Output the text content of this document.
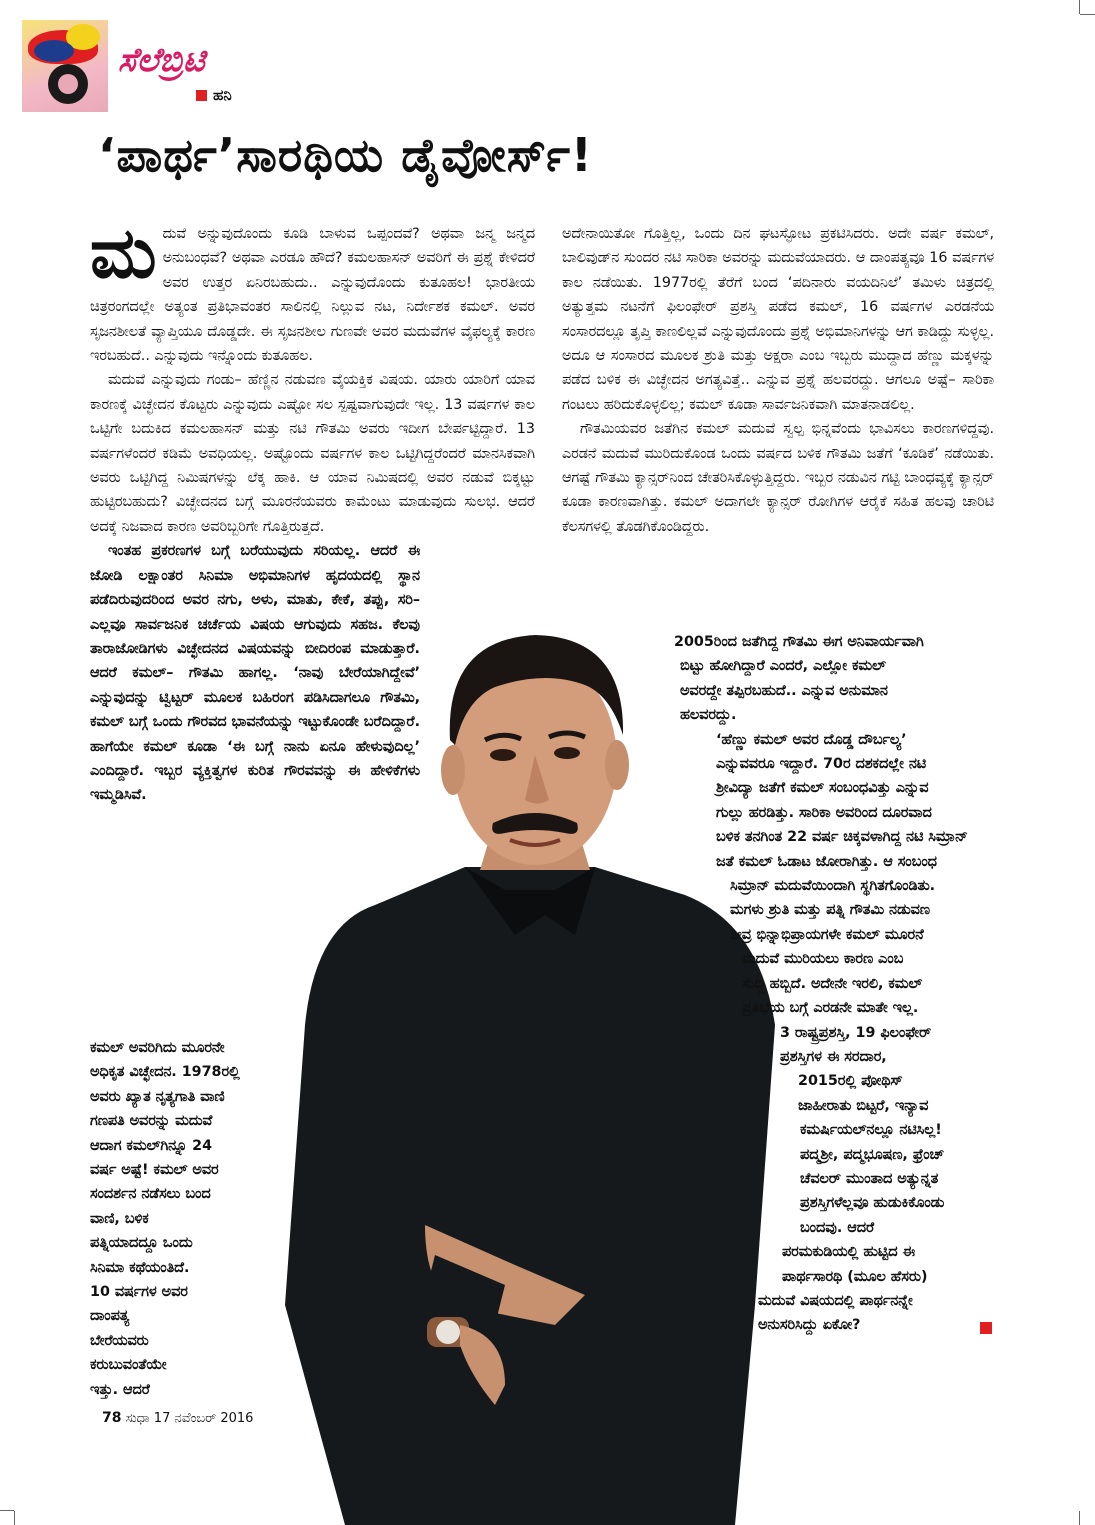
ಸೆಲೆಬ್ರಿಟಿ
ಹನಿ
‘ಪಾರ್ಥ’ಸಾರಥಿಯ ಡೈವೋರ್ಸ್!

ಮದುವೆ ಅನ್ನುವುದೊಂದು ಕೂಡಿ ಬಾಳುವ ಒಪ್ಪಂದವೆ? ಅಥವಾ ಜನ್ಮ ಜನ್ಮದ ಅನುಬಂಧವೆ? ಅಥವಾ ಎರಡೂ ಹೌದೆ? ಕಮಲಹಾಸನ್ ಅವರಿಗೆ ಈ ಪ್ರಶ್ನೆ ಕೇಳಿದರೆ ಅವರ ಉತ್ತರ ಏನಿರಬಹುದು.. ಎನ್ನುವುದೊಂದು ಕುತೂಹಲ! ಭಾರತೀಯ ಚಿತ್ರರಂಗದಲ್ಲೇ ಅತ್ಯಂತ ಪ್ರತಿಭಾವಂತರ ಸಾಲಿನಲ್ಲಿ ನಿಲ್ಲುವ ನಟ, ನಿರ್ದೇಶಕ ಕಮಲ್. ಅವರ ಸೃಜನಶೀಲತೆ ವ್ಯಾಪ್ತಿಯೂ ದೊಡ್ಡದೇ. ಈ ಸೃಜನಶೀಲ ಗುಣವೇ ಅವರ ಮದುವೆಗಳ ವೈಫಲ್ಯಕ್ಕೆ ಕಾರಣ ಇರಬಹುದೆ.. ಎನ್ನುವುದು ಇನ್ನೊಂದು ಕುತೂಹಲ.

ಮದುವೆ ಎನ್ನುವುದು ಗಂಡು– ಹೆಣ್ಣಿನ ನಡುವಣ ವೈಯಕ್ತಿಕ ವಿಷಯ. ಯಾರು ಯಾರಿಗೆ ಯಾವ ಕಾರಣಕ್ಕೆ ವಿಚ್ಛೇದನ ಕೊಟ್ಟರು ಎನ್ನುವುದು ಎಷ್ಟೋ ಸಲ ಸ್ಪಷ್ಟವಾಗುವುದೇ ಇಲ್ಲ. 13 ವರ್ಷಗಳ ಕಾಲ ಒಟ್ಟಿಗೇ ಬದುಕಿದ ಕಮಲಹಾಸನ್ ಮತ್ತು ನಟಿ ಗೌತಮಿ ಅವರು ಇದೀಗ ಬೇರ್ಪಟ್ಟಿದ್ದಾರೆ. 13 ವರ್ಷಗಳೆಂದರೆ ಕಡಿಮೆ ಅವಧಿಯಲ್ಲ. ಅಷ್ಟೊಂದು ವರ್ಷಗಳ ಕಾಲ ಒಟ್ಟಿಗಿದ್ದರೆಂದರೆ ಮಾನಸಿಕವಾಗಿ ಅವರು ಒಟ್ಟಿಗಿದ್ದ ನಿಮಿಷಗಳನ್ನು ಲೆಕ್ಕ ಹಾಕಿ. ಆ ಯಾವ ನಿಮಿಷದಲ್ಲಿ ಅವರ ನಡುವೆ ಬಿಕ್ಕಟ್ಟು ಹುಟ್ಟಿರಬಹುದು? ವಿಚ್ಛೇದನದ ಬಗ್ಗೆ ಮೂರನೆಯವರು ಕಾಮೆಂಟು ಮಾಡುವುದು ಸುಲಭ. ಆದರೆ ಅದಕ್ಕೆ ನಿಜವಾದ ಕಾರಣ ಅವರಿಬ್ಬರಿಗೇ ಗೊತ್ತಿರುತ್ತದೆ.

ಇಂತಹ ಪ್ರಕರಣಗಳ ಬಗ್ಗೆ ಬರೆಯುವುದು ಸರಿಯಲ್ಲ. ಆದರೆ ಈ ಜೋಡಿ ಲಕ್ಷಾಂತರ ಸಿನಿಮಾ ಅಭಿಮಾನಿಗಳ ಹೃದಯದಲ್ಲಿ ಸ್ಥಾನ ಪಡೆದಿರುವುದರಿಂದ ಅವರ ನಗು, ಅಳು, ಮಾತು, ಕೇಕೆ, ತಪ್ಪು, ಸರಿ– ಎಲ್ಲವೂ ಸಾರ್ವಜನಿಕ ಚರ್ಚೆಯ ವಿಷಯ ಆಗುವುದು ಸಹಜ. ಕೆಲವು ತಾರಾಜೋಡಿಗಳು ವಿಚ್ಛೇದನದ ವಿಷಯವನ್ನು ಬೀದಿರಂಪ ಮಾಡುತ್ತಾರೆ. ಆದರೆ ಕಮಲ್– ಗೌತಮಿ ಹಾಗಲ್ಲ. ‘ನಾವು ಬೇರೆಯಾಗಿದ್ದೇವೆ’ ಎನ್ನುವುದನ್ನು ಟ್ವಿಟ್ಟರ್ ಮೂಲಕ ಬಹಿರಂಗ ಪಡಿಸಿದಾಗಲೂ ಗೌತಮಿ, ಕಮಲ್ ಬಗ್ಗೆ ಒಂದು ಗೌರವದ ಭಾವನೆಯನ್ನು ಇಟ್ಟುಕೊಂಡೇ ಬರೆದಿದ್ದಾರೆ. ಹಾಗೆಯೇ ಕಮಲ್ ಕೂಡಾ ‘ಈ ಬಗ್ಗೆ ನಾನು ಏನೂ ಹೇಳುವುದಿಲ್ಲ’ ಎಂದಿದ್ದಾರೆ. ಇಬ್ಬರ ವ್ಯಕ್ತಿತ್ವಗಳ ಕುರಿತ ಗೌರವವನ್ನು ಈ ಹೇಳಿಕೆಗಳು ಇಮ್ಮಡಿಸಿವೆ.

ಅದೇನಾಯಿತೋ ಗೊತ್ತಿಲ್ಲ, ಒಂದು ದಿನ ಘಟಸ್ಫೋಟ ಪ್ರಕಟಿಸಿದರು. ಅದೇ ವರ್ಷ ಕಮಲ್, ಬಾಲಿವುಡ್‌ನ ಸುಂದರ ನಟಿ ಸಾರಿಕಾ ಅವರನ್ನು ಮದುವೆಯಾದರು. ಆ ದಾಂಪತ್ಯವೂ 16 ವರ್ಷಗಳ ಕಾಲ ನಡೆಯಿತು. 1977ರಲ್ಲಿ ತೆರೆಗೆ ಬಂದ ‘ಪದಿನಾರು ವಯದಿನಿಲೆ’ ತಮಿಳು ಚಿತ್ರದಲ್ಲಿ ಅತ್ಯುತ್ತಮ ನಟನೆಗೆ ಫಿಲಂಫೇರ್ ಪ್ರಶಸ್ತಿ ಪಡೆದ ಕಮಲ್, 16 ವರ್ಷಗಳ ಎರಡನೆಯ ಸಂಸಾರದಲ್ಲೂ ತೃಪ್ತಿ ಕಾಣಲಿಲ್ಲವೆ ಎನ್ನುವುದೊಂದು ಪ್ರಶ್ನೆ ಅಭಿಮಾನಿಗಳನ್ನು ಆಗ ಕಾಡಿದ್ದು ಸುಳ್ಳಲ್ಲ. ಅದೂ ಆ ಸಂಸಾರದ ಮೂಲಕ ಶ್ರುತಿ ಮತ್ತು ಅಕ್ಷರಾ ಎಂಬ ಇಬ್ಬರು ಮುದ್ದಾದ ಹೆಣ್ಣು ಮಕ್ಕಳನ್ನು ಪಡೆದ ಬಳಿಕ ಈ ವಿಚ್ಛೇದನ ಅಗತ್ಯವಿತ್ತೆ.. ಎನ್ನುವ ಪ್ರಶ್ನೆ ಹಲವರದ್ದು. ಆಗಲೂ ಅಷ್ಟೆ– ಸಾರಿಕಾ ಗಂಟಲು ಹರಿದುಕೊಳ್ಳಲಿಲ್ಲ; ಕಮಲ್ ಕೂಡಾ ಸಾರ್ವಜನಿಕವಾಗಿ ಮಾತನಾಡಲಿಲ್ಲ.

ಗೌತಮಿಯವರ ಜತೆಗಿನ ಕಮಲ್ ಮದುವೆ ಸ್ವಲ್ಪ ಭಿನ್ನವೆಂದು ಭಾವಿಸಲು ಕಾರಣಗಳಿದ್ದವು. ಎರಡನೆ ಮದುವೆ ಮುರಿದುಕೊಂಡ ಒಂದು ವರ್ಷದ ಬಳಿಕ ಗೌತಮಿ ಜತೆಗೆ ‘ಕೂಡಿಕೆ’ ನಡೆಯಿತು. ಆಗಷ್ಟೆ ಗೌತಮಿ ಕ್ಯಾನ್ಸರ್‌ನಿಂದ ಚೇತರಿಸಿಕೊಳ್ಳುತ್ತಿದ್ದರು. ಇಬ್ಬರ ನಡುವಿನ ಗಟ್ಟಿ ಬಾಂಧವ್ಯಕ್ಕೆ ಕ್ಯಾನ್ಸರ್ ಕೂಡಾ ಕಾರಣವಾಗಿತ್ತು. ಕಮಲ್ ಅದಾಗಲೇ ಕ್ಯಾನ್ಸರ್ ರೋಗಿಗಳ ಆರೈಕೆ ಸಹಿತ ಹಲವು ಚಾರಿಟಿ ಕೆಲಸಗಳಲ್ಲಿ ತೊಡಗಿಕೊಂಡಿದ್ದರು.

ಕಮಲ್ ಅವರಿಗಿದು ಮೂರನೇ
ಅಧಿಕೃತ ವಿಚ್ಛೇದನ. 1978ರಲ್ಲಿ
ಅವರು ಖ್ಯಾತ ನೃತ್ಯಗಾತಿ ವಾಣಿ
ಗಣಪತಿ ಅವರನ್ನು ಮದುವೆ
ಆದಾಗ ಕಮಲ್‌ಗಿನ್ನೂ 24
ವರ್ಷ ಅಷ್ಟೆ! ಕಮಲ್ ಅವರ
ಸಂದರ್ಶನ ನಡೆಸಲು ಬಂದ
ವಾಣಿ, ಬಳಿಕ
ಪತ್ನಿಯಾದದ್ದೂ ಒಂದು
ಸಿನಿಮಾ ಕಥೆಯಂತಿದೆ.
10 ವರ್ಷಗಳ ಅವರ
ದಾಂಪತ್ಯ
ಬೇರೆಯವರು
ಕರುಬುವಂತೆಯೇ
ಇತ್ತು. ಆದರೆ
2005ರಿಂದ ಜತೆಗಿದ್ದ ಗೌತಮಿ ಈಗ ಅನಿವಾರ್ಯವಾಗಿ
ಬಿಟ್ಟು ಹೋಗಿದ್ದಾರೆ ಎಂದರೆ, ಎಲ್ಲೋ ಕಮಲ್
ಅವರದ್ದೇ ತಪ್ಪಿರಬಹುದೆ.. ಎನ್ನುವ ಅನುಮಾನ
ಹಲವರದ್ದು.
‘ಹೆಣ್ಣು ಕಮಲ್ ಅವರ ದೊಡ್ಡ ದೌರ್ಬಲ್ಯ’
ಎನ್ನುವವರೂ ಇದ್ದಾರೆ. 70ರ ದಶಕದಲ್ಲೇ ನಟಿ
ಶ್ರೀವಿದ್ಯಾ ಜತೆಗೆ ಕಮಲ್ ಸಂಬಂಧವಿತ್ತು ಎನ್ನುವ
ಗುಲ್ಲು ಹರಡಿತ್ತು. ಸಾರಿಕಾ ಅವರಿಂದ ದೂರವಾದ
ಬಳಿಕ ತನಗಿಂತ 22 ವರ್ಷ ಚಿಕ್ಕವಳಾಗಿದ್ದ ನಟಿ ಸಿಮ್ರಾನ್
ಜತೆ ಕಮಲ್ ಓಡಾಟ ಜೋರಾಗಿತ್ತು. ಆ ಸಂಬಂಧ
ಸಿಮ್ರಾನ್ ಮದುವೆಯಿಂದಾಗಿ ಸ್ಥಗಿತಗೊಂಡಿತು.
ಮಗಳು ಶ್ರುತಿ ಮತ್ತು ಪತ್ನಿ ಗೌತಮಿ ನಡುವಣ
ತೀವ್ರ ಭಿನ್ನಾಭಿಪ್ರಾಯಗಳೇ ಕಮಲ್ ಮೂರನೆ
ಮದುವೆ ಮುರಿಯಲು ಕಾರಣ ಎಂಬ
ಸುದ್ದಿ ಹಬ್ಬಿದೆ. ಅದೇನೇ ಇರಲಿ, ಕಮಲ್
ಪ್ರತಿಭೆಯ ಬಗ್ಗೆ ಎರಡನೇ ಮಾತೇ ಇಲ್ಲ.
3 ರಾಷ್ಟ್ರಪ್ರಶಸ್ತಿ, 19 ಫಿಲಂಫೇರ್
ಪ್ರಶಸ್ತಿಗಳ ಈ ಸರದಾರ,
2015ರಲ್ಲಿ ಪೋಥಿಸ್
ಜಾಹೀರಾತು ಬಿಟ್ಟರೆ, ಇನ್ಯಾವ
ಕಮರ್ಷಿಯಲ್‌ನಲ್ಲೂ ನಟಿಸಿಲ್ಲ!
ಪದ್ಮಶ್ರೀ, ಪದ್ಮಭೂಷಣ, ಫ್ರೆಂಚ್
ಚೆವಲರ್ ಮುಂತಾದ ಅತ್ಯುನ್ನತ
ಪ್ರಶಸ್ತಿಗಳೆಲ್ಲವೂ ಹುಡುಕಿಕೊಂಡು
ಬಂದವು. ಆದರೆ
ಪರಮಕುಡಿಯಲ್ಲಿ ಹುಟ್ಟಿದ ಈ
ಪಾರ್ಥಸಾರಥಿ (ಮೂಲ ಹೆಸರು)
ಮದುವೆ ವಿಷಯದಲ್ಲಿ ಪಾರ್ಥನನ್ನೇ
ಅನುಸರಿಸಿದ್ದು ಏಕೋ?
78 ಸುಧಾ 17 ನವೆಂಬರ್ 2016
